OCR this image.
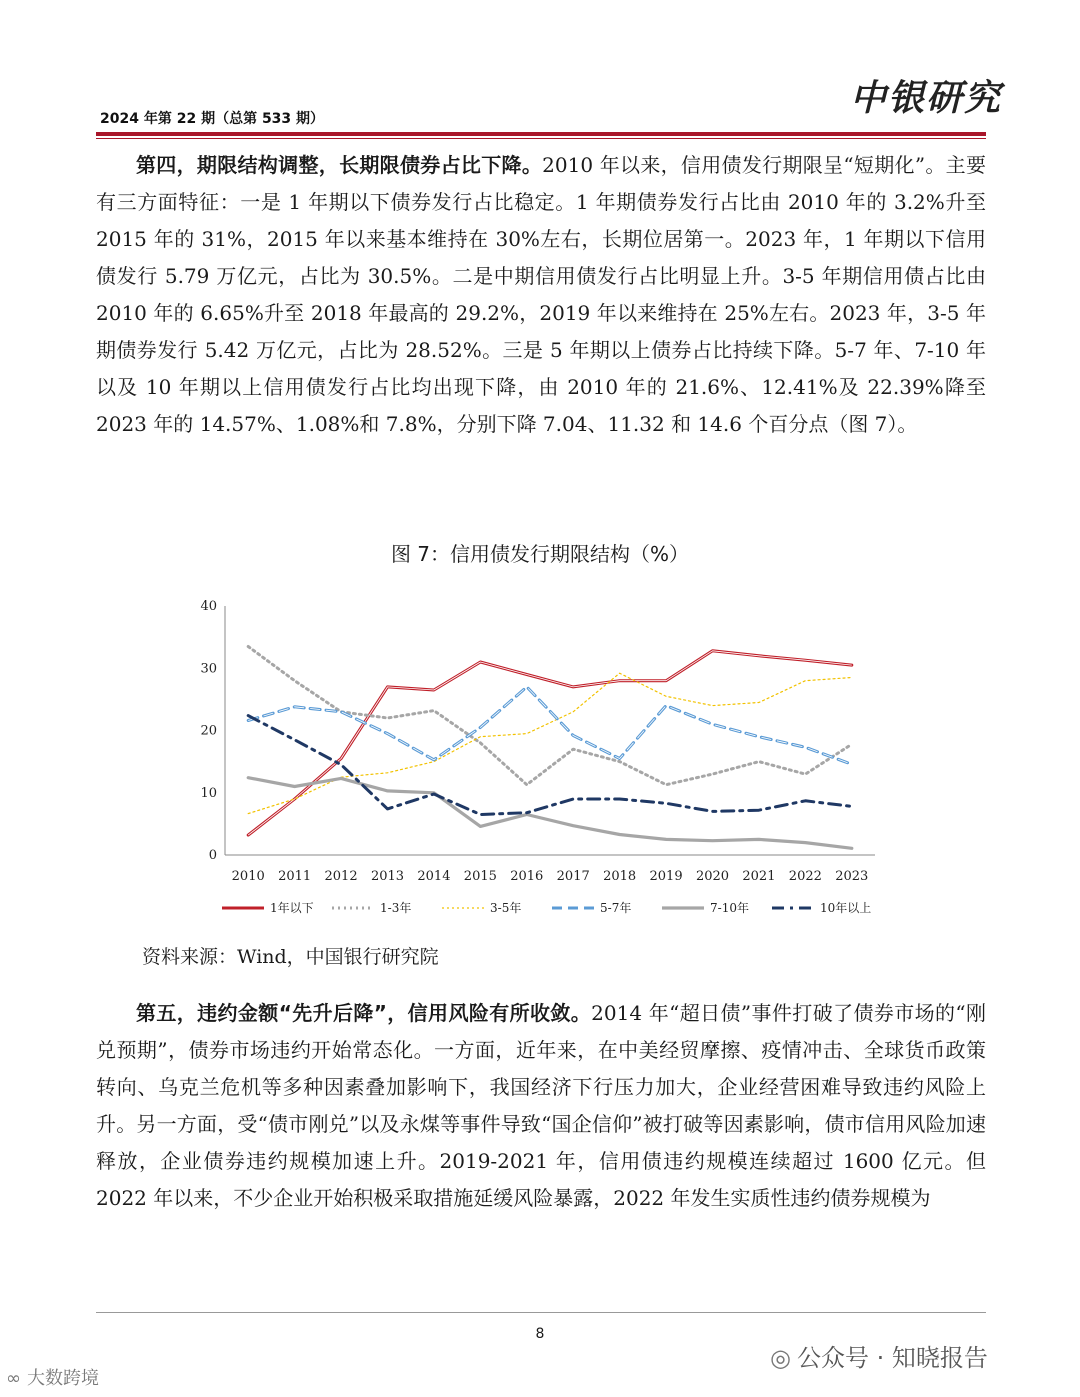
2024 年第 22 期（总第 533 期）	中银研究

第四，期限结构调整，长期限债券占比下降。2010 年以来，信用债发行期限呈“短期化”。主要有三方面特征：一是 1 年期以下债券发行占比稳定。1 年期债券发行占比由 2010 年的 3.2%升至 2015 年的 31%，2015 年以来基本维持在 30%左右，长期位居第一。2023 年，1 年期以下信用债发行 5.79 万亿元，占比为 30.5%。二是中期信用债发行占比明显上升。3-5 年期信用债占比由 2010 年的 6.65%升至 2018 年最高的 29.2%，2019 年以来维持在 25%左右。2023 年，3-5 年期债券发行 5.42 万亿元，占比为 28.52%。三是 5 年期以上债券占比持续下降。5-7 年、7-10 年以及 10 年期以上信用债发行占比均出现下降，由 2010 年的 21.6%、12.41%及 22.39%降至 2023 年的 14.57%、1.08%和 7.8%，分别下降 7.04、11.32 和 14.6 个百分点（图 7）。

图 7：信用债发行期限结构（%）
0
10
20
30
40
2010 2011 2012 2013 2014 2015 2016 2017 2018 2019 2020 2021 2022 2023
1年以下	1-3年	3-5年	5-7年	7-10年	10年以上
资料来源：Wind，中国银行研究院

第五，违约金额“先升后降”，信用风险有所收敛。2014 年“超日债”事件打破了债券市场的“刚兑预期”，债券市场违约开始常态化。一方面，近年来，在中美经贸摩擦、疫情冲击、全球货币政策转向、乌克兰危机等多种因素叠加影响下，我国经济下行压力加大，企业经营困难导致违约风险上升。另一方面，受“债市刚兑”以及永煤等事件导致“国企信仰”被打破等因素影响，债市信用风险加速释放，企业债券违约规模加速上升。2019-2021 年，信用债违约规模连续超过 1600 亿元。但 2022 年以来，不少企业开始积极采取措施延缓风险暴露，2022 年发生实质性违约债券规模为

8
◎ 公众号 · 知晓报告
∞ 大数跨境
